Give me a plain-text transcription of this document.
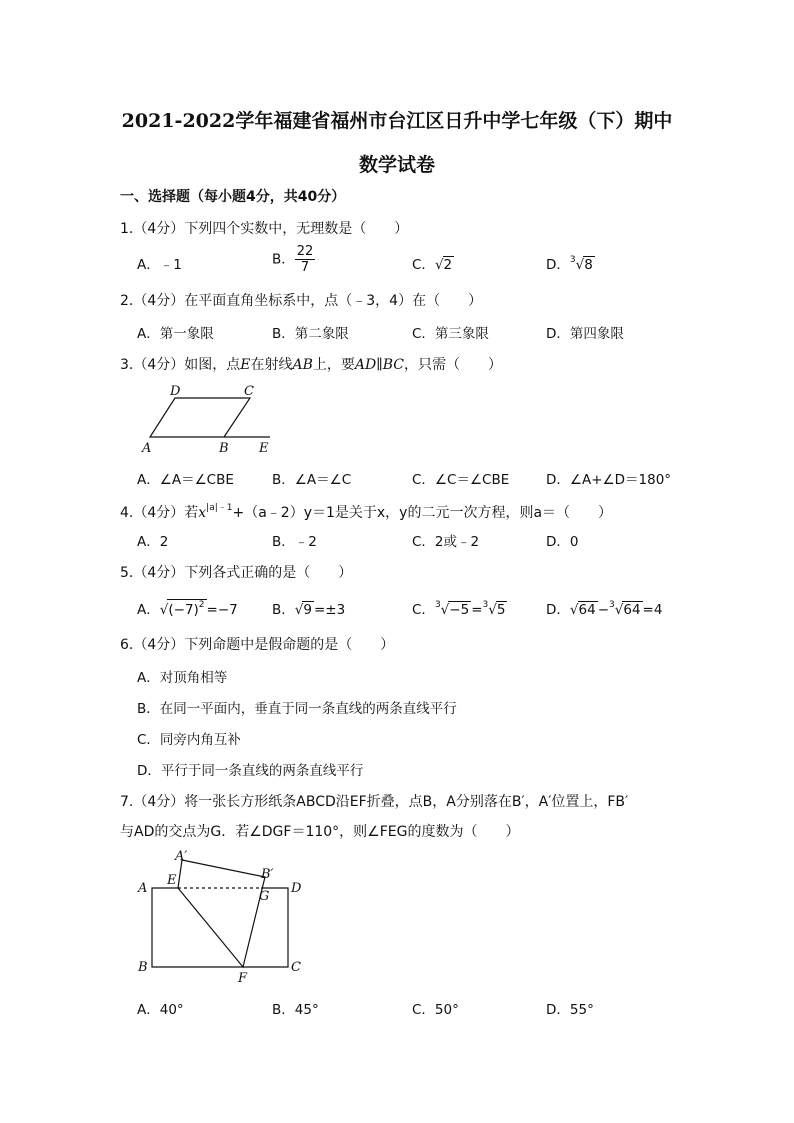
2021-2022学年福建省福州市台江区日升中学七年级（下）期中
数学试卷
一、选择题（每小题4分，共40分）
1.（4分）下列四个实数中，无理数是（　　）
A．﹣1	B． $\frac{22}{7}$	C．√2	D．$^3$√8
2.（4分）在平面直角坐标系中，点（﹣3，4）在（　　）
A．第一象限	B．第二象限	C．第三象限	D．第四象限
3.（4分）如图，点E在射线AB上，要AD∥BC，只需（　　）
D	C
A	B E
A．∠A＝∠CBE	B．∠A＝∠C	C．∠C＝∠CBE	D．∠A+∠D＝180°
4.（4分）若$x^{|a|﹣1}+(a﹣2)y=1$是关于x，y的二元一次方程，则a＝（　　）
A．2	B．﹣2	C．2或﹣2	D．0
5.（4分）下列各式正确的是（　　）
A．$√(-7)^2 =-7$	B．√9 =±3	C．$^3$√−5 =$^3$√5	D．√64 −$^3$√64 =4
6.（4分）下列命题中是假命题的是（　　）
A．对顶角相等
B．在同一平面内，垂直于同一条直线的两条直线平行
C．同旁内角互补
D．平行于同一条直线的两条直线平行
7.（4分）将一张长方形纸条ABCD沿EF折叠，点B，A分别落在B′，A′位置上，FB′
与AD的交点为G．若∠DGF＝110°，则∠FEG的度数为（　　）
A′
B′
A
E
G
D
B
F
C
A．40°	B．45°	C．50°	D．55°
